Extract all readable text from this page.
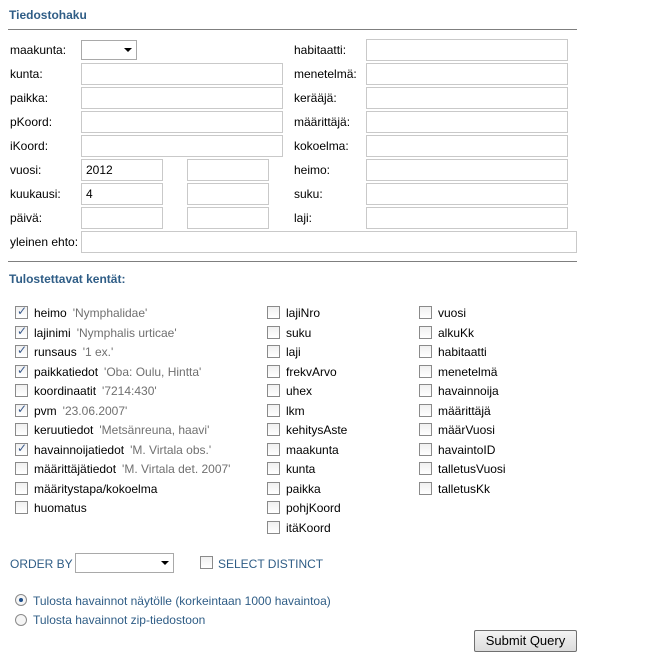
Tiedostohaku
maakunta:
kunta:
paikka:
pKoord:
iKoord:
vuosi:
2012
kuukausi:
4
päivä:
yleinen ehto:
habitaatti:
menetelmä:
kerääjä:
määrittäjä:
kokoelma:
heimo:
suku:
laji:
Tulostettavat kentät:
✓
heimo 'Nymphalidae'
✓
lajinimi 'Nymphalis urticae'
✓
runsaus '1 ex.'
✓
paikkatiedot 'Oba: Oulu, Hintta'
koordinaatit '7214:430'
✓
pvm '23.06.2007'
keruutiedot 'Metsänreuna, haavi'
✓
havainnoijatiedot 'M. Virtala obs.'
määrittäjätiedot 'M. Virtala det. 2007'
määritystapa/kokoelma
huomatus
lajiNro
suku
laji
frekvArvo
uhex
lkm
kehitysAste
maakunta
kunta
paikka
pohjKoord
itäKoord
vuosi
alkuKk
habitaatti
menetelmä
havainnoija
määrittäjä
määrVuosi
havaintoID
talletusVuosi
talletusKk
ORDER BY	SELECT DISTINCT
Tulosta havainnot näytölle (korkeintaan 1000 havaintoa)
Tulosta havainnot zip-tiedostoon
Submit Query
